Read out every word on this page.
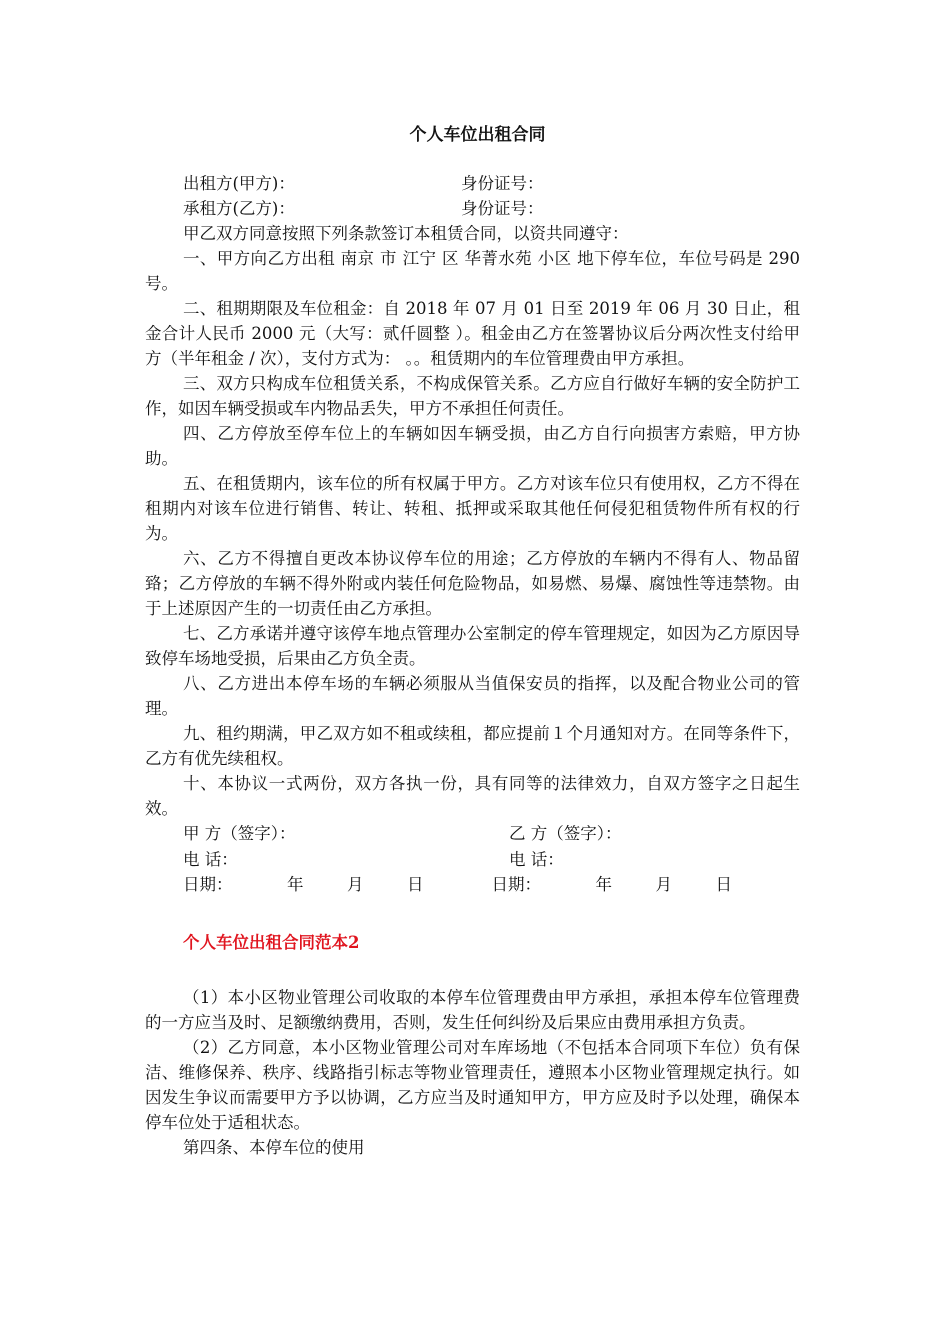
个人车位出租合同
出租方(甲方)：	身份证号：
承租方(乙方)：	身份证号：

甲乙双方同意按照下列条款签订本租赁合同，以资共同遵守：

一、甲方向乙方出租 南京 市 江宁 区 华菁水苑 小区 地下停车位，车位号码是 290 号。

二、租期期限及车位租金：自 2018 年 07 月 01 日至 2019 年 06 月 30 日止，租金合计人民币 2000 元（大写：贰仟圆整 ）。租金由乙方在签署协议后分两次性支付给甲方（半年租金 / 次），支付方式为： 。。租赁期内的车位管理费由甲方承担。

三、双方只构成车位租赁关系，不构成保管关系。乙方应自行做好车辆的安全防护工作，如因车辆受损或车内物品丢失，甲方不承担任何责任。

四、乙方停放至停车位上的车辆如因车辆受损，由乙方自行向损害方索赔，甲方协助。

五、在租赁期内，该车位的所有权属于甲方。乙方对该车位只有使用权，乙方不得在租期内对该车位进行销售、转让、转租、抵押或采取其他任何侵犯租赁物件所有权的行为。

六、乙方不得擅自更改本协议停车位的用途；乙方停放的车辆内不得有人、物品留臵；乙方停放的车辆不得外附或内装任何危险物品，如易燃、易爆、腐蚀性等违禁物。由于上述原因产生的一切责任由乙方承担。

七、乙方承诺并遵守该停车地点管理办公室制定的停车管理规定，如因为乙方原因导致停车场地受损，后果由乙方负全责。

八、乙方进出本停车场的车辆必须服从当值保安员的指挥，以及配合物业公司的管理。

九、租约期满，甲乙双方如不租或续租，都应提前１个月通知对方。在同等条件下，乙方有优先续租权。

十、本协议一式两份，双方各执一份，具有同等的法律效力，自双方签字之日起生效。

甲 方（签字）：	乙 方（签字）：
电 话：	电 话：
日期：	年	月	日	日期：	年	月	日
个人车位出租合同范本2

（1）本小区物业管理公司收取的本停车位管理费由甲方承担，承担本停车位管理费的一方应当及时、足额缴纳费用，否则，发生任何纠纷及后果应由费用承担方负责。

（2）乙方同意，本小区物业管理公司对车库场地（不包括本合同项下车位）负有保洁、维修保养、秩序、线路指引标志等物业管理责任，遵照本小区物业管理规定执行。如因发生争议而需要甲方予以协调，乙方应当及时通知甲方，甲方应及时予以处理，确保本停车位处于适租状态。

第四条、本停车位的使用
